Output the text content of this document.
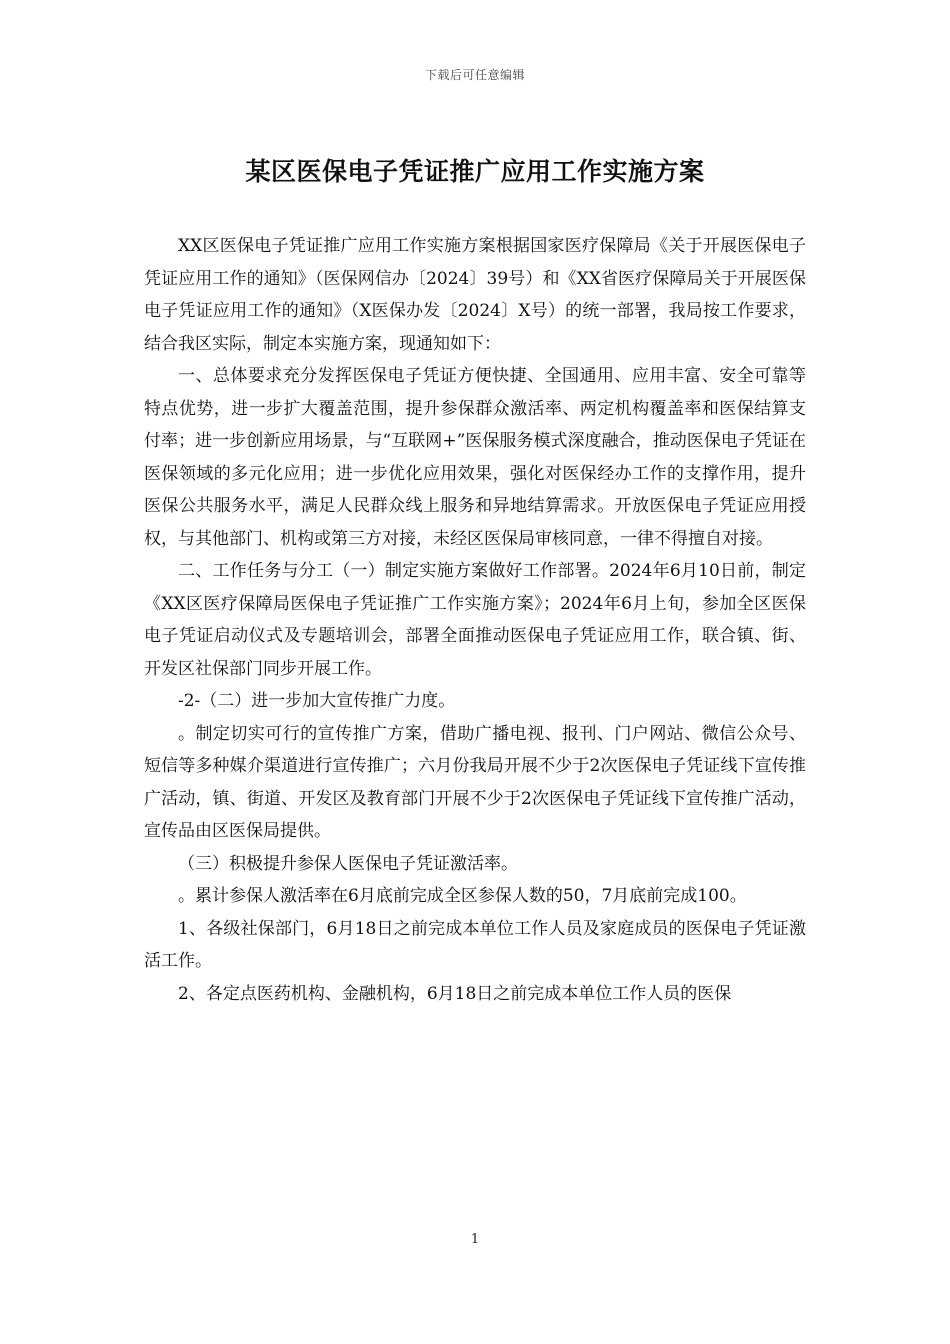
下载后可任意编辑
某区医保电子凭证推广应用工作实施方案

XX区医保电子凭证推广应用工作实施方案根据国家医疗保障局《关于开展医保电子凭证应用工作的通知》（医保网信办〔2024〕39号）和《XX省医疗保障局关于开展医保电子凭证应用工作的通知》（X医保办发〔2024〕X号）的统一部署，我局按工作要求，结合我区实际，制定本实施方案，现通知如下：

一、总体要求充分发挥医保电子凭证方便快捷、全国通用、应用丰富、安全可靠等特点优势，进一步扩大覆盖范围，提升参保群众激活率、两定机构覆盖率和医保结算支付率；进一步创新应用场景，与“互联网+”医保服务模式深度融合，推动医保电子凭证在医保领域的多元化应用；进一步优化应用效果，强化对医保经办工作的支撑作用，提升医保公共服务水平，满足人民群众线上服务和异地结算需求。开放医保电子凭证应用授权，与其他部门、机构或第三方对接，未经区医保局审核同意，一律不得擅自对接。

二、工作任务与分工（一）制定实施方案做好工作部署。2024年6月10日前，制定《XX区医疗保障局医保电子凭证推广工作实施方案》；2024年6月上旬，参加全区医保电子凭证启动仪式及专题培训会，部署全面推动医保电子凭证应用工作，联合镇、街、开发区社保部门同步开展工作。

-2-（二）进一步加大宣传推广力度。

。制定切实可行的宣传推广方案，借助广播电视、报刊、门户网站、微信公众号、短信等多种媒介渠道进行宣传推广；六月份我局开展不少于2次医保电子凭证线下宣传推广活动，镇、街道、开发区及教育部门开展不少于2次医保电子凭证线下宣传推广活动，宣传品由区医保局提供。

（三）积极提升参保人医保电子凭证激活率。

。累计参保人激活率在6月底前完成全区参保人数的50，7月底前完成100。

1、各级社保部门，6月18日之前完成本单位工作人员及家庭成员的医保电子凭证激活工作。

2、各定点医药机构、金融机构，6月18日之前完成本单位工作人员的医保

1
